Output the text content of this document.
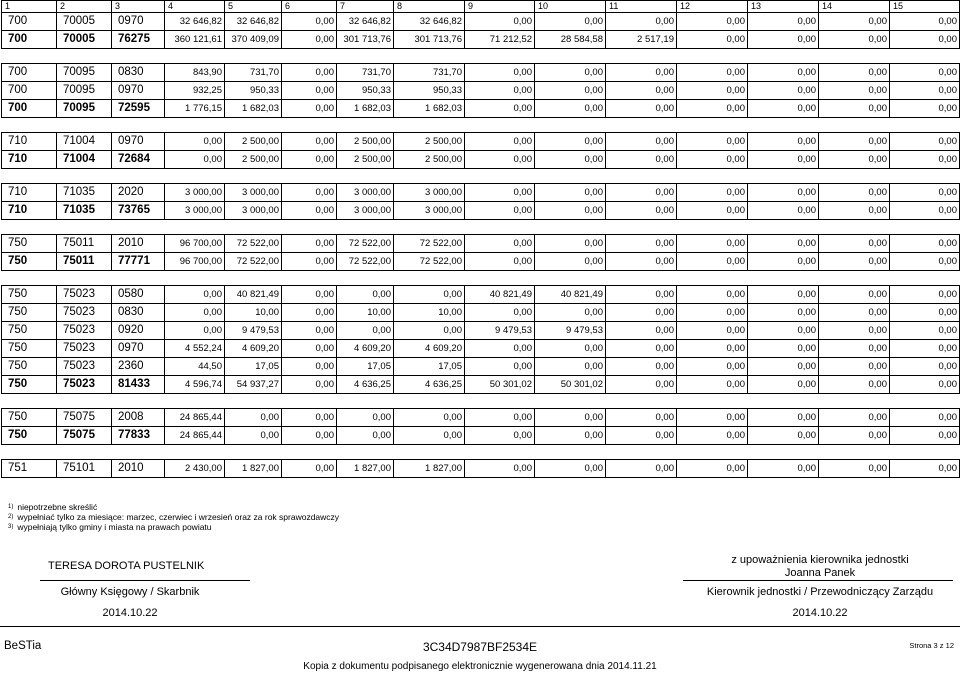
1	2	3	4	5	6	7	8	9	10	11	12	13	14	15
700	70005	0970	32 646,82	32 646,82	0,00	32 646,82	32 646,82	0,00	0,00	0,00	0,00	0,00	0,00	0,00
700	70005	76275	360 121,61	370 409,09	0,00	301 713,76	301 713,76	71 212,52	28 584,58	2 517,19	0,00	0,00	0,00	0,00

700	70095	0830	843,90	731,70	0,00	731,70	731,70	0,00	0,00	0,00	0,00	0,00	0,00	0,00
700	70095	0970	932,25	950,33	0,00	950,33	950,33	0,00	0,00	0,00	0,00	0,00	0,00	0,00
700	70095	72595	1 776,15	1 682,03	0,00	1 682,03	1 682,03	0,00	0,00	0,00	0,00	0,00	0,00	0,00

710	71004	0970	0,00	2 500,00	0,00	2 500,00	2 500,00	0,00	0,00	0,00	0,00	0,00	0,00	0,00
710	71004	72684	0,00	2 500,00	0,00	2 500,00	2 500,00	0,00	0,00	0,00	0,00	0,00	0,00	0,00

710	71035	2020	3 000,00	3 000,00	0,00	3 000,00	3 000,00	0,00	0,00	0,00	0,00	0,00	0,00	0,00
710	71035	73765	3 000,00	3 000,00	0,00	3 000,00	3 000,00	0,00	0,00	0,00	0,00	0,00	0,00	0,00

750	75011	2010	96 700,00	72 522,00	0,00	72 522,00	72 522,00	0,00	0,00	0,00	0,00	0,00	0,00	0,00
750	75011	77771	96 700,00	72 522,00	0,00	72 522,00	72 522,00	0,00	0,00	0,00	0,00	0,00	0,00	0,00

750	75023	0580	0,00	40 821,49	0,00	0,00	0,00	40 821,49	40 821,49	0,00	0,00	0,00	0,00	0,00
750	75023	0830	0,00	10,00	0,00	10,00	10,00	0,00	0,00	0,00	0,00	0,00	0,00	0,00
750	75023	0920	0,00	9 479,53	0,00	0,00	0,00	9 479,53	9 479,53	0,00	0,00	0,00	0,00	0,00
750	75023	0970	4 552,24	4 609,20	0,00	4 609,20	4 609,20	0,00	0,00	0,00	0,00	0,00	0,00	0,00
750	75023	2360	44,50	17,05	0,00	17,05	17,05	0,00	0,00	0,00	0,00	0,00	0,00	0,00
750	75023	81433	4 596,74	54 937,27	0,00	4 636,25	4 636,25	50 301,02	50 301,02	0,00	0,00	0,00	0,00	0,00

750	75075	2008	24 865,44	0,00	0,00	0,00	0,00	0,00	0,00	0,00	0,00	0,00	0,00	0,00
750	75075	77833	24 865,44	0,00	0,00	0,00	0,00	0,00	0,00	0,00	0,00	0,00	0,00	0,00

751	75101	2010	2 430,00	1 827,00	0,00	1 827,00	1 827,00	0,00	0,00	0,00	0,00	0,00	0,00	0,00
$^{1)}$ niepotrzebne skreślić
$^{2)}$ wypełniać tylko za miesiące: marzec, czerwiec i wrzesień oraz za rok sprawozdawczy
$^{3)}$ wypełniają tylko gminy i miasta na prawach powiatu
TERESA DOROTA PUSTELNIK
Główny Księgowy / Skarbnik
2014.10.22
z upoważnienia kierownika jednostki
Joanna Panek
Kierownik jednostki / Przewodniczący Zarządu
2014.10.22
BeSTia	3C34D7987BF2534E	Strona 3 z 12
Kopia z dokumentu podpisanego elektronicznie wygenerowana dnia 2014.11.21
